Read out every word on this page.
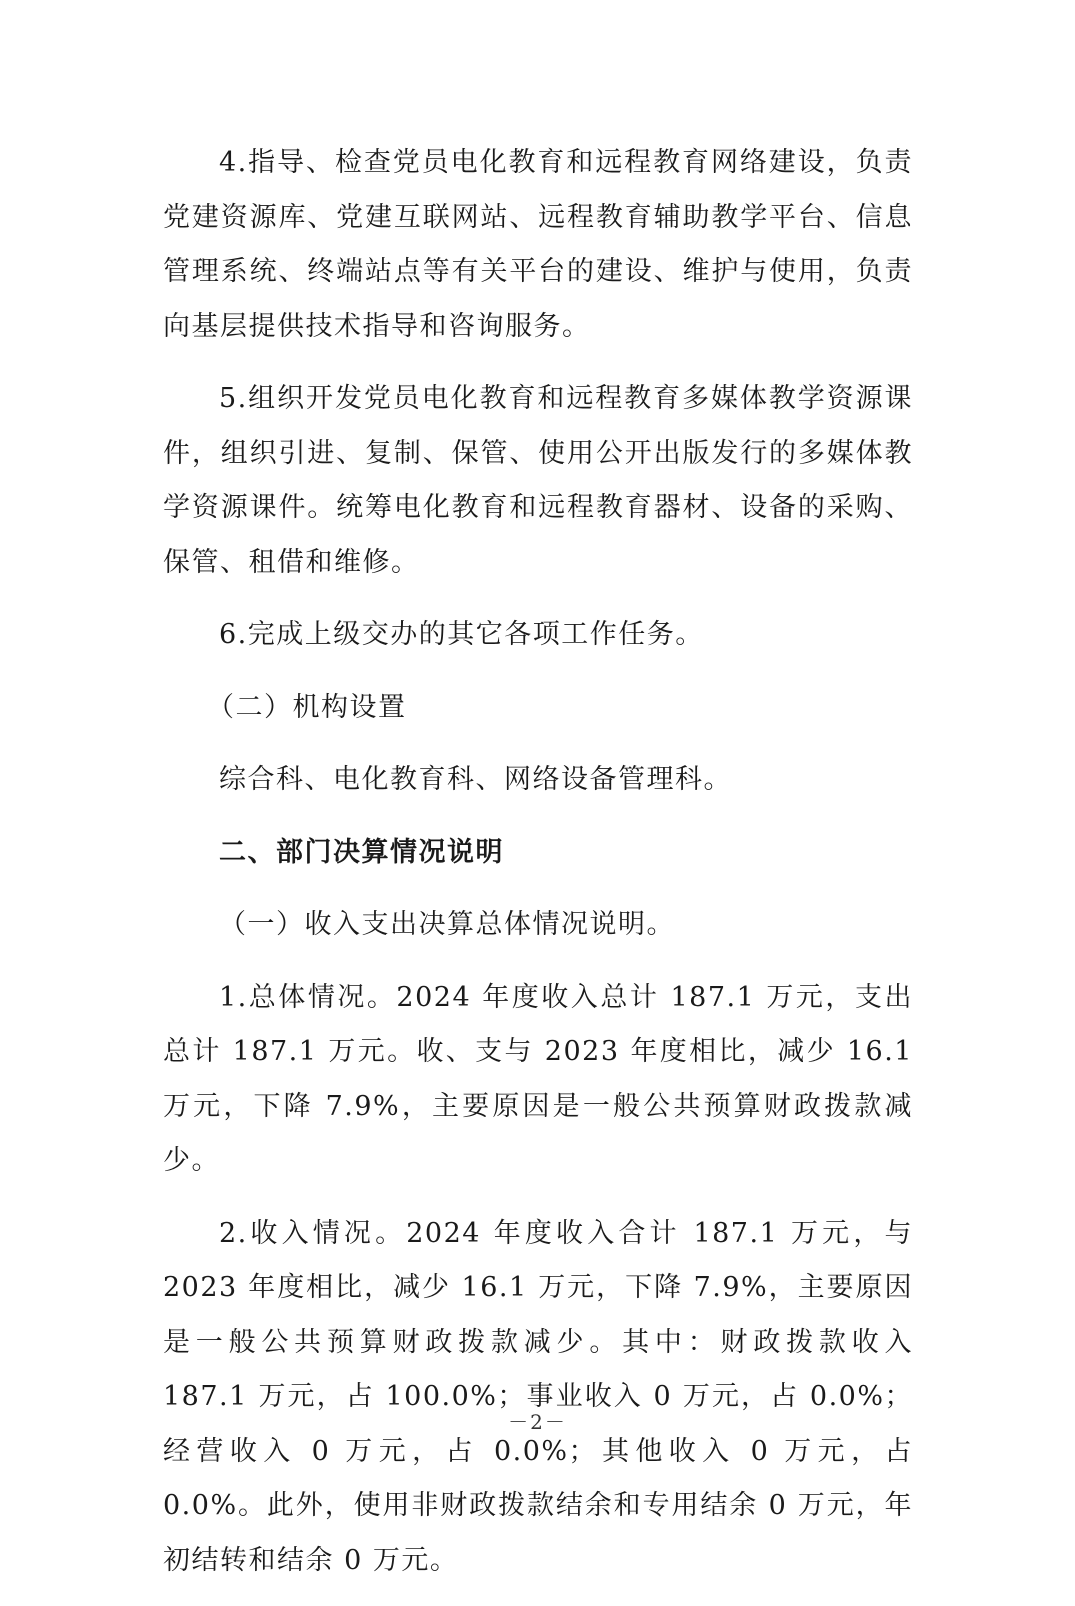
4.指导、检查党员电化教育和远程教育网络建设，负责党建资源库、党建互联网站、远程教育辅助教学平台、信息管理系统、终端站点等有关平台的建设、维护与使用，负责向基层提供技术指导和咨询服务。

5.组织开发党员电化教育和远程教育多媒体教学资源课件，组织引进、复制、保管、使用公开出版发行的多媒体教学资源课件。统筹电化教育和远程教育器材、设备的采购、保管、租借和维修。

6.完成上级交办的其它各项工作任务。

（二）机构设置

综合科、电化教育科、网络设备管理科。

二、部门决算情况说明

（一）收入支出决算总体情况说明。

1.总体情况。2024 年度收入总计 187.1 万元，支出总计 187.1 万元。收、支与 2023 年度相比，减少 16.1 万元，下降 7.9%，主要原因是一般公共预算财政拨款减少。

2.收入情况。2024 年度收入合计 187.1 万元，与 2023 年度相比，减少 16.1 万元，下降 7.9%，主要原因是一般公共预算财政拨款减少。其中：财政拨款收入 187.1 万元，占 100.0%；事业收入 0 万元，占 0.0%；经营收入 0 万元，占 0.0%；其他收入 0 万元，占 0.0%。此外，使用非财政拨款结余和专用结余 0 万元，年初结转和结余 0 万元。

－2－
